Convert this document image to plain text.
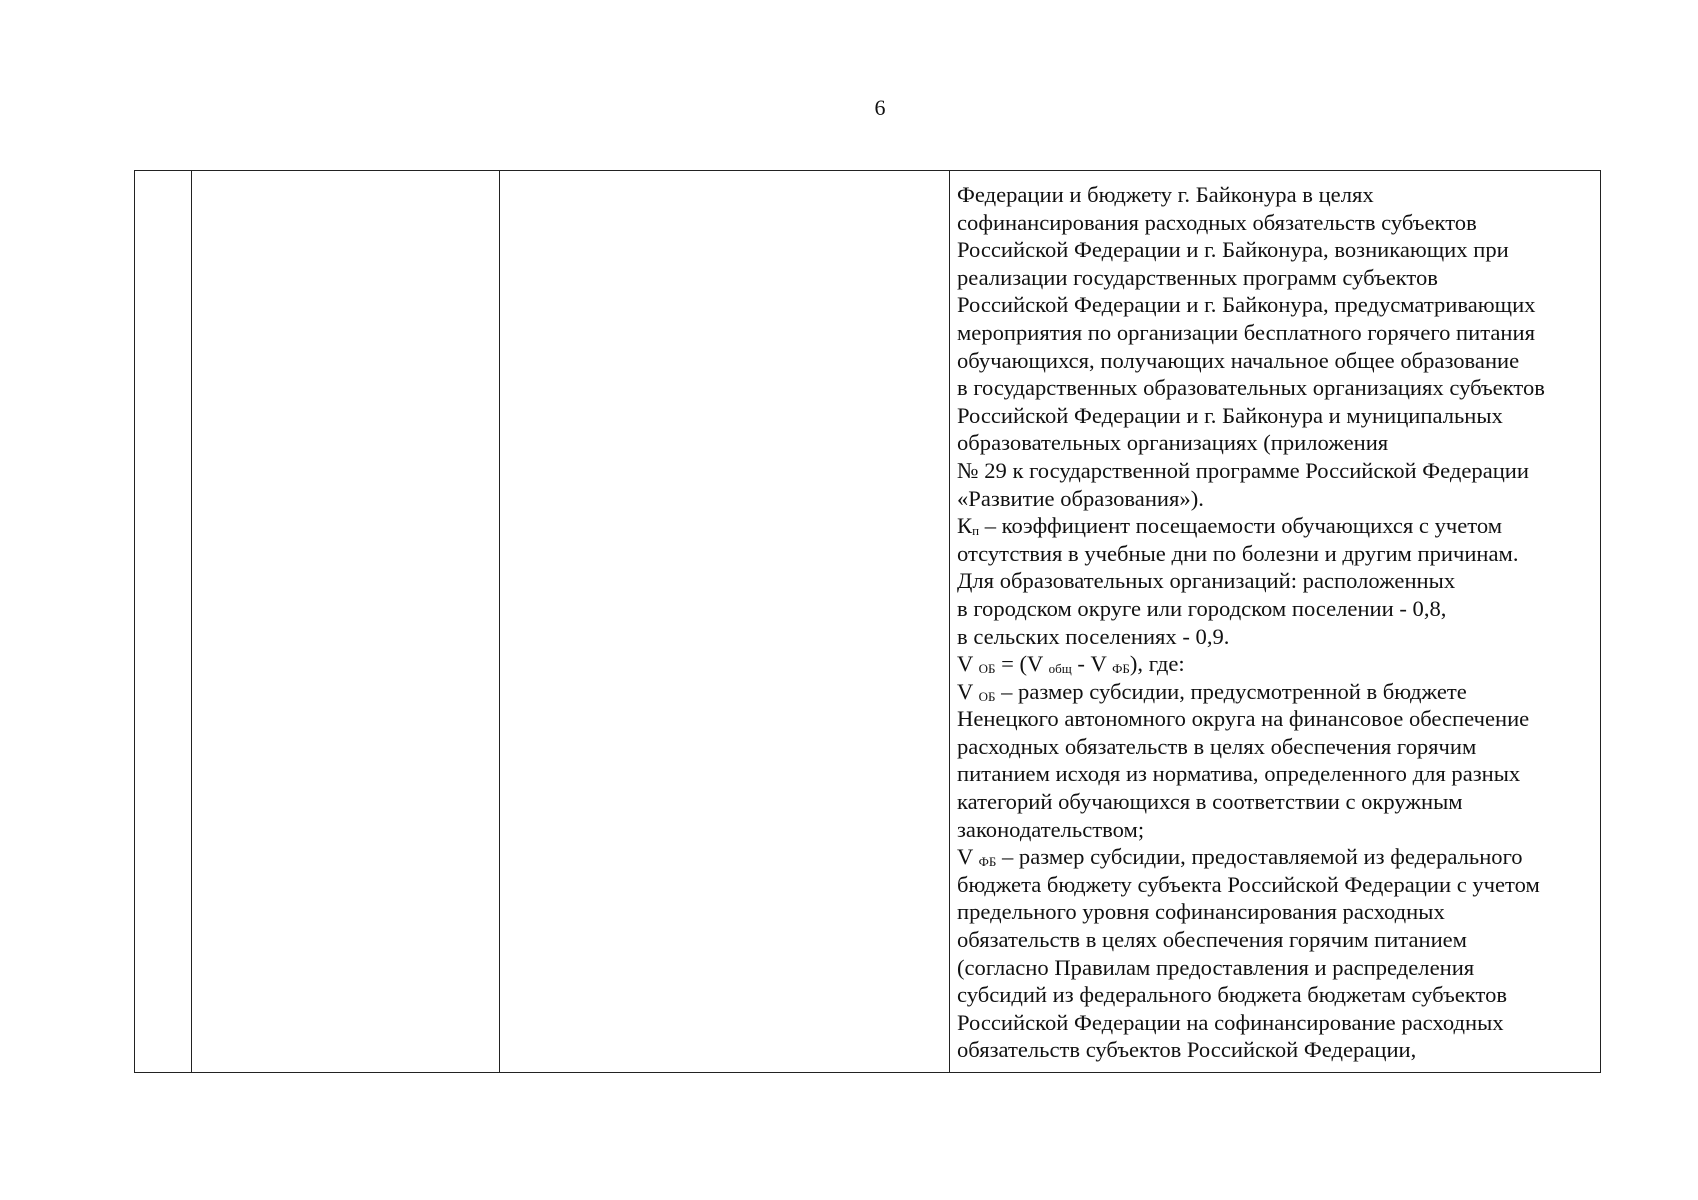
6
Федерации и бюджету г. Байконура в целях
софинансирования расходных обязательств субъектов
Российской Федерации и г. Байконура, возникающих при
реализации государственных программ субъектов
Российской Федерации и г. Байконура, предусматривающих
мероприятия по организации бесплатного горячего питания
обучающихся, получающих начальное общее образование
в государственных образовательных организациях субъектов
Российской Федерации и г. Байконура и муниципальных
образовательных организациях (приложения
№ 29 к государственной программе Российской Федерации
«Развитие образования»).
$К_п$ – коэффициент посещаемости обучающихся с учетом
отсутствия в учебные дни по болезни и другим причинам.
Для образовательных организаций: расположенных
в городском округе или городском поселении - 0,8,
в сельских поселениях - 0,9.
V $_{ОБ}$ = (V $_{общ}$ - V $_{ФБ}$), где:
V $_{ОБ}$ – размер субсидии, предусмотренной в бюджете
Ненецкого автономного округа на финансовое обеспечение
расходных обязательств в целях обеспечения горячим
питанием исходя из норматива, определенного для разных
категорий обучающихся в соответствии с окружным
законодательством;
V $_{ФБ}$ – размер субсидии, предоставляемой из федерального
бюджета бюджету субъекта Российской Федерации с учетом
предельного уровня софинансирования расходных
обязательств в целях обеспечения горячим питанием
(согласно Правилам предоставления и распределения
субсидий из федерального бюджета бюджетам субъектов
Российской Федерации на софинансирование расходных
обязательств субъектов Российской Федерации,
